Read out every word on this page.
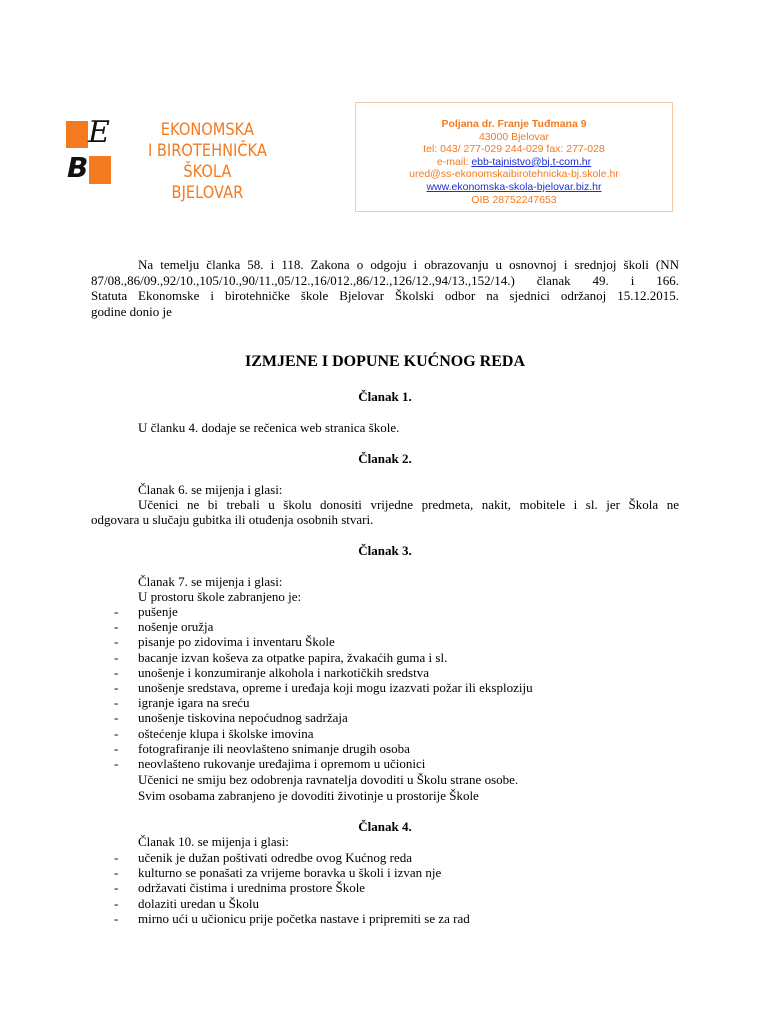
E
B
EKONOMSKA
I BIROTEHNIČKA ŠKOLA
BJELOVAR
Poljana dr. Franje Tuđmana 9
43000 Bjelovar
tel: 043/ 277-029 244-029 fax: 277-028
e-mail: ebb-tajnistvo@bj.t-com.hr
ured@ss-ekonomskaibirotehnicka-bj.skole.hr
www.ekonomska-skola-bjelovar.biz.hr
OIB 28752247653
Na temelju članka 58. i 118. Zakona o odgoju i obrazovanju u osnovnoj i srednjoj školi (NN
87/08.,86/09.,92/10.,105/10.,90/11.,05/12.,16/012.,86/12.,126/12.,94/13.,152/14.) članak 49. i 166.
Statuta Ekonomske i birotehničke škole Bjelovar Školski odbor na sjednici održanoj 15.12.2015.
godine donio je
IZMJENE I DOPUNE KUĆNOG REDA
Članak 1.
U članku 4. dodaje se rečenica web stranica škole.
Članak 2.
Članak 6. se mijenja i glasi:
Učenici ne bi trebali u školu donositi vrijedne predmeta, nakit, mobitele i sl. jer Škola ne
odgovara u slučaju gubitka ili otuđenja osobnih stvari.
Članak 3.
Članak 7. se mijenja i glasi:
U prostoru škole zabranjeno je:
- pušenje
- nošenje oružja
- pisanje po zidovima i inventaru Škole
- bacanje izvan koševa za otpatke papira, žvakaćih guma i sl.
- unošenje i konzumiranje alkohola i narkotičkih sredstva
- unošenje sredstava, opreme i uređaja koji mogu izazvati požar ili eksploziju
- igranje igara na sreću
- unošenje tiskovina nepoćudnog sadržaja
- oštećenje klupa i školske imovina
- fotografiranje ili neovlašteno snimanje drugih osoba
- neovlašteno rukovanje uređajima i opremom u učionici
Učenici ne smiju bez odobrenja ravnatelja dovoditi u Školu strane osobe.
Svim osobama zabranjeno je dovoditi životinje u prostorije Škole
Članak 4.
Članak 10. se mijenja i glasi:
- učenik je dužan poštivati odredbe ovog Kućnog reda
- kulturno se ponašati za vrijeme boravka u školi i izvan nje
- održavati čistima i urednima prostore Škole
- dolaziti uredan u Školu
- mirno ući u učionicu prije početka nastave i pripremiti se za rad
